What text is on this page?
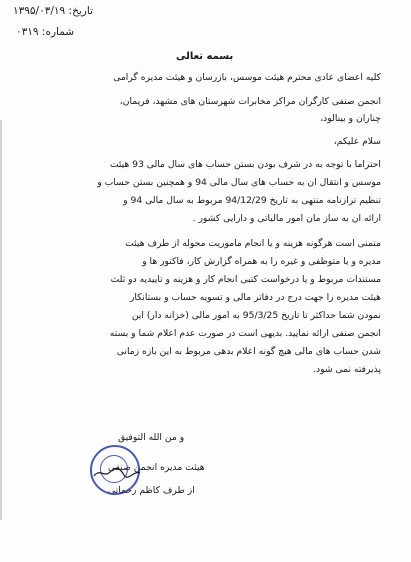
تاریخ: ۱۳۹۵/۰۳/۱۹
شماره: ۰۳۱۹
بسمه تعالی
کلیه اعضای عادی محترم هیئت موسس، بازرسان و هیئت مدیره گرامی
انجمن صنفی کارگران مراکز مخابرات شهرستان های مشهد، فریمان،
چناران و بینالود،
سلام علیکم،
احتراما با توجه به در شرف بودن بستن حساب های سال مالی 93 هیئت
موسس و انتقال ان به حساب های سال مالی 94 و همچنین بستن حساب و
تنظیم ترازنامه منتهی به تاریخ 94/12/29 مربوط به سال مالی 94 و
ارائه ان به ساز مان امور مالیاتی و دارایی کشور .
متمنی است هرگونه هزینه و یا انجام ماموریت محوله از طرف هیئت
مدیره و یا متوظفی و غیره را به همراه گزارش کار، فاکتور ها و
مستندات مربوط و یا درخواست کتبی انجام کار و هزینه و تاییدیه دو ثلث
هیئت مدیره را جهت درج در دفاتر مالی و تسویه حساب و بستانکار
نمودن شما حداکثر تا تاریخ 95/3/25 به امور مالی (خزانه دار) این
انجمن صنفی ارائه نمایید. بدیهی است در صورت عدم اعلام شما و بسته
شدن حساب های مالی هیچ گونه اعلام بدهی مربوط به این بازه زمانی
پذیرفته نمی شود.
و من الله التوفیق
هیئت مدیره انجمن صنفی
از طرف کاظم رحمانی
